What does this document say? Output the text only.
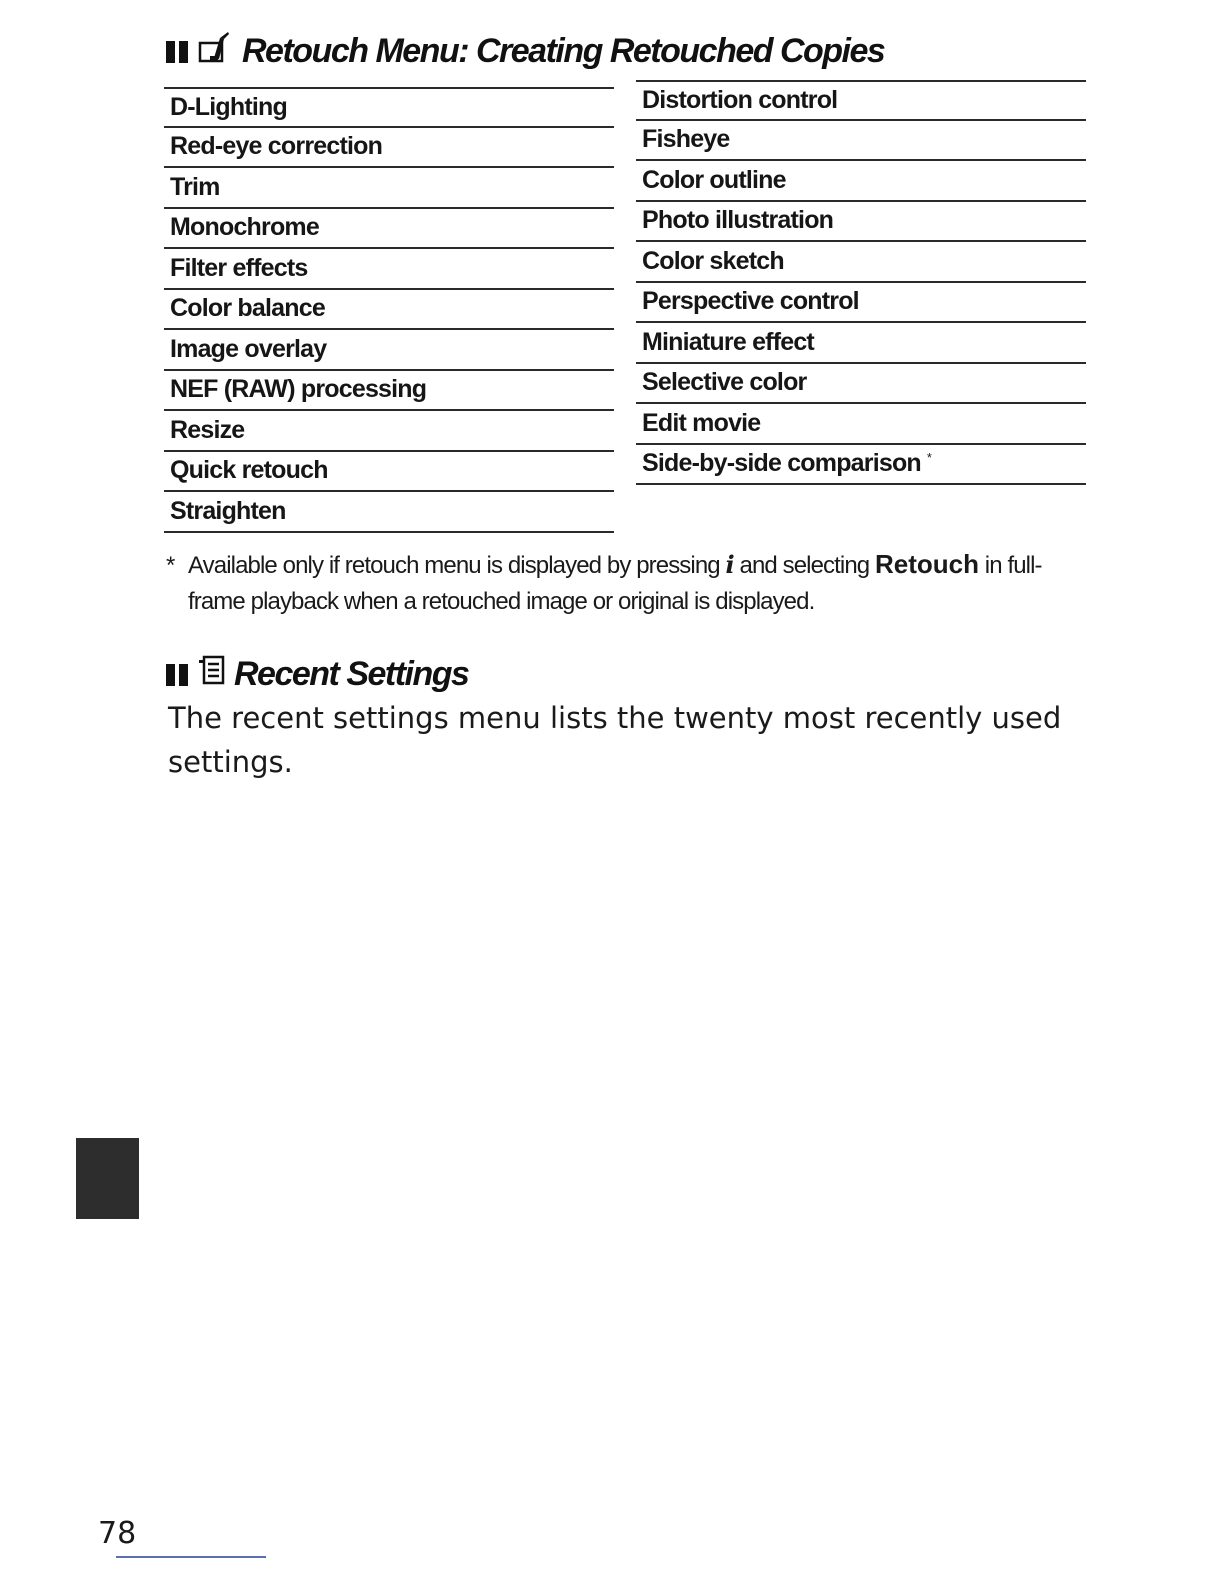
Retouch Menu: Creating Retouched Copies
D-Lighting
Red-eye correction
Trim
Monochrome
Filter effects
Color balance
Image overlay
NEF (RAW) processing
Resize
Quick retouch
Straighten
Distortion control
Fisheye
Color outline
Photo illustration
Color sketch
Perspective control
Miniature effect
Selective color
Edit movie
Side-by-side comparison *
* Available only if retouch menu is displayed by pressing i and selecting Retouch in full-
frame playback when a retouched image or original is displayed.
Recent Settings
The recent settings menu lists the twenty most recently used settings.
78
